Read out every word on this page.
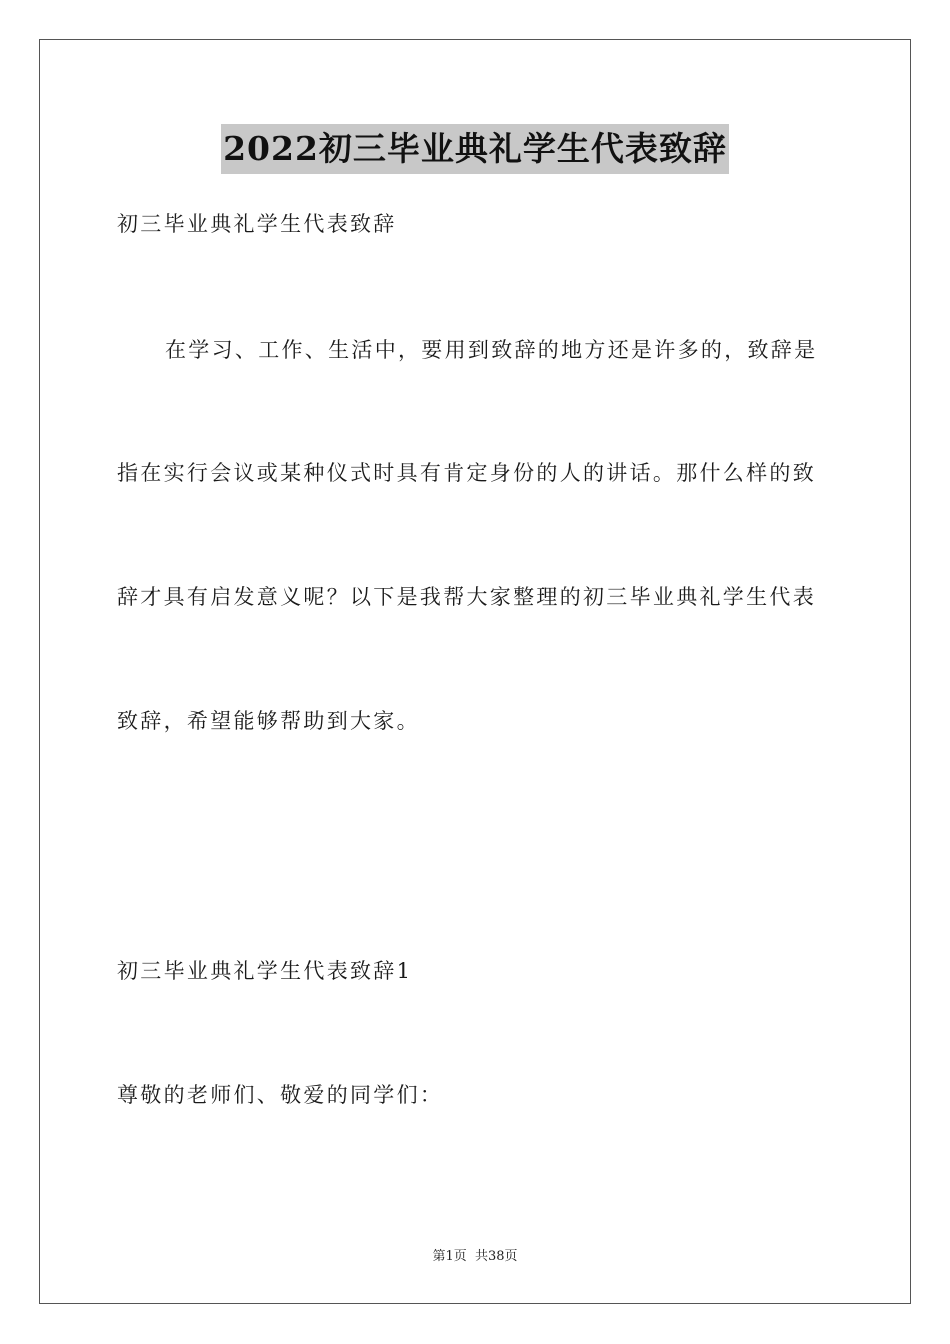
2022初三毕业典礼学生代表致辞
初三毕业典礼学生代表致辞
在学习、工作、生活中，要用到致辞的地方还是许多的，致辞是
指在实行会议或某种仪式时具有肯定身份的人的讲话。那什么样的致
辞才具有启发意义呢？以下是我帮大家整理的初三毕业典礼学生代表
致辞，希望能够帮助到大家。
初三毕业典礼学生代表致辞1
尊敬的老师们、敬爱的同学们：
第1页 共38页
